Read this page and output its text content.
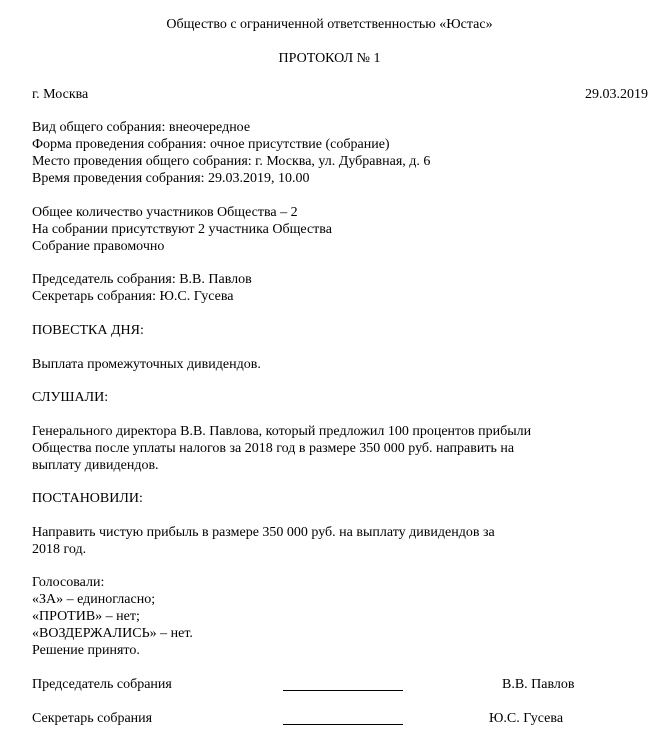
Общество с ограниченной ответственностью «Юстас»
ПРОТОКОЛ № 1
г. Москва	29.03.2019
Вид общего собрания: внеочередное
Форма проведения собрания: очное присутствие (собрание)
Место проведения общего собрания: г. Москва, ул. Дубравная, д. 6
Время проведения собрания: 29.03.2019, 10.00
Общее количество участников Общества – 2
На собрании присутствуют 2 участника Общества
Собрание правомочно
Председатель собрания: В.В. Павлов
Секретарь собрания: Ю.С. Гусева
ПОВЕСТКА ДНЯ:
Выплата промежуточных дивидендов.
СЛУШАЛИ:
Генерального директора В.В. Павлова, который предложил 100 процентов прибыли
Общества после уплаты налогов за 2018 год в размере 350 000 руб. направить на
выплату дивидендов.
ПОСТАНОВИЛИ:
Направить чистую прибыль в размере 350 000 руб. на выплату дивидендов за
2018 год.
Голосовали:
«ЗА» – единогласно;
«ПРОТИВ» – нет;
«ВОЗДЕРЖАЛИСЬ» – нет.
Решение принято.
Председатель собрания	В.В. Павлов
Секретарь собрания	Ю.С. Гусева
